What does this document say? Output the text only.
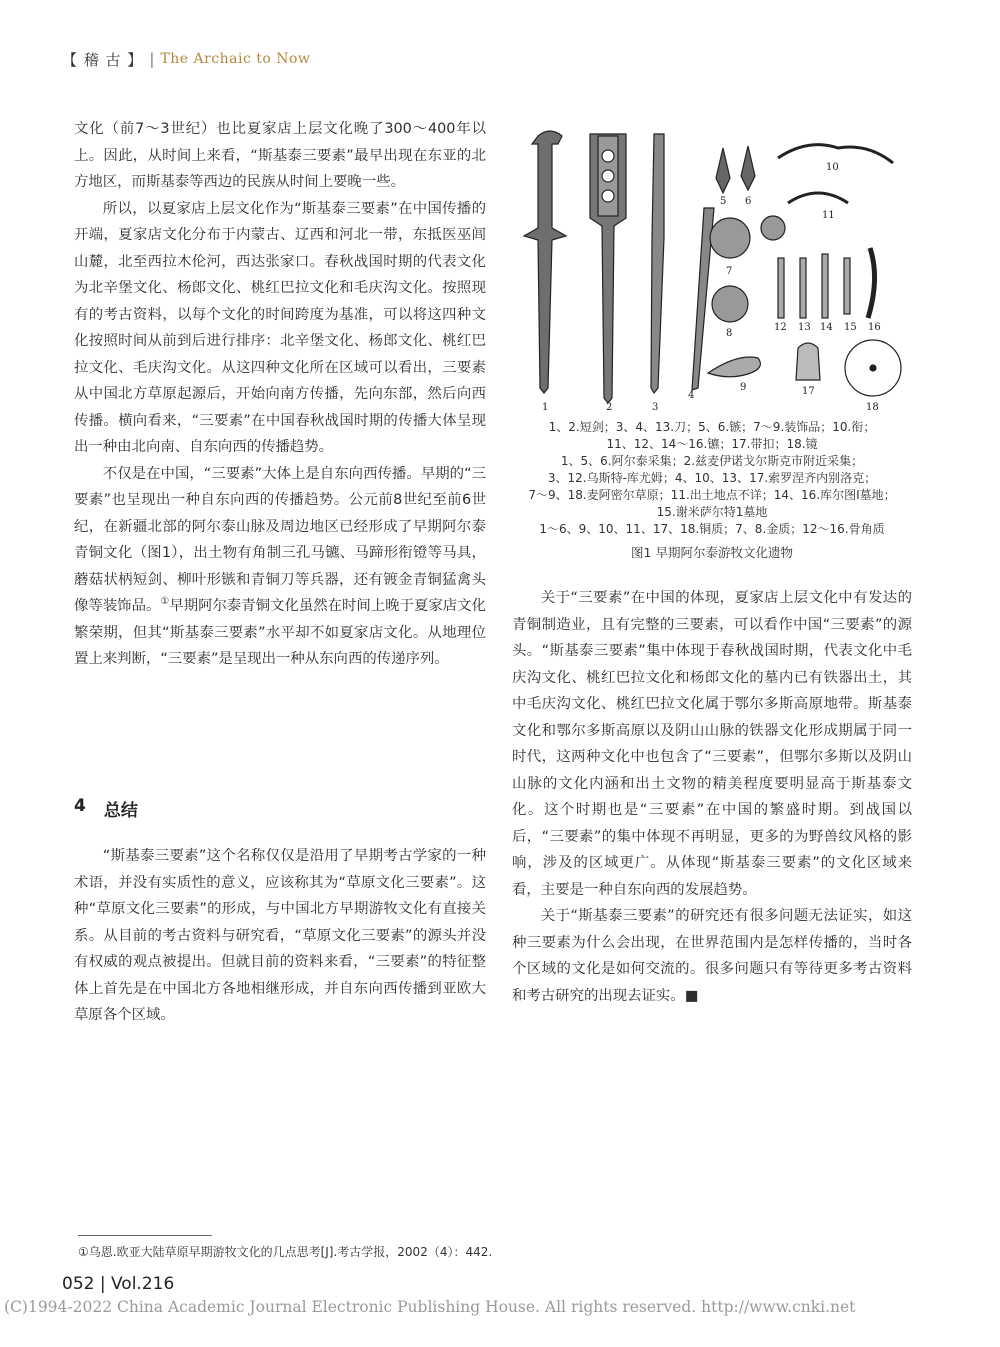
【 稽 古 】 | The Archaic to Now

文化（前7～3世纪）也比夏家店上层文化晚了300～400年以上。因此，从时间上来看，“斯基泰三要素”最早出现在东亚的北方地区，而斯基泰等西边的民族从时间上要晚一些。

所以，以夏家店上层文化作为“斯基泰三要素”在中国传播的开端，夏家店文化分布于内蒙古、辽西和河北一带，东抵医巫闾山麓，北至西拉木伦河，西达张家口。春秋战国时期的代表文化为北辛堡文化、杨郎文化、桃红巴拉文化和毛庆沟文化。按照现有的考古资料，以每个文化的时间跨度为基准，可以将这四种文化按照时间从前到后进行排序：北辛堡文化、杨郎文化、桃红巴拉文化、毛庆沟文化。从这四种文化所在区域可以看出，三要素从中国北方草原起源后，开始向南方传播，先向东部，然后向西传播。横向看来，“三要素”在中国春秋战国时期的传播大体呈现出一种由北向南、自东向西的传播趋势。

不仅是在中国，“三要素”大体上是自东向西传播。早期的“三要素”也呈现出一种自东向西的传播趋势。公元前8世纪至前6世纪，在新疆北部的阿尔泰山脉及周边地区已经形成了早期阿尔泰青铜文化（图1），出土物有角制三孔马镳、马蹄形衔镫等马具，蘑菇状柄短剑、柳叶形镞和青铜刀等兵器，还有镀金青铜猛禽头像等装饰品。①早期阿尔泰青铜文化虽然在时间上晚于夏家店文化繁荣期，但其“斯基泰三要素”水平却不如夏家店文化。从地理位置上来判断，“三要素”是呈现出一种从东向西的传递序列。

4 总结

“斯基泰三要素”这个名称仅仅是沿用了早期考古学家的一种术语，并没有实质性的意义，应该称其为“草原文化三要素”。这种“草原文化三要素”的形成，与中国北方早期游牧文化有直接关系。从目前的考古资料与研究看，“草原文化三要素”的源头并没有权威的观点被提出。但就目前的资料来看，“三要素”的特征整体上首先是在中国北方各地相继形成，并自东向西传播到亚欧大草原各个区域。

1	2	3
4
5 6
7
8
9
10
11
12 13 14 15 16
17
18
1、2.短剑；3、4、13.刀；5、6.镞；7～9.装饰品；10.衔；
11、12、14～16.镳；17.带扣；18.镜
1、5、6.阿尔泰采集；2.兹麦伊诺戈尔斯克市附近采集；
3、12.乌斯特-库尤姆；4、10、13、17.索罗涅齐内别洛克；
7～9、18.麦阿密尔草原；11.出土地点不详；14、16.库尔图Ⅰ墓地；
15.谢米萨尔特1墓地
1～6、9、10、11、17、18.铜质；7、8.金质；12～16.骨角质
图1 早期阿尔泰游牧文化遗物

关于“三要素”在中国的体现，夏家店上层文化中有发达的青铜制造业，且有完整的三要素，可以看作中国“三要素”的源头。“斯基泰三要素”集中体现于春秋战国时期，代表文化中毛庆沟文化、桃红巴拉文化和杨郎文化的墓内已有铁器出土，其中毛庆沟文化、桃红巴拉文化属于鄂尔多斯高原地带。斯基泰文化和鄂尔多斯高原以及阴山山脉的铁器文化形成期属于同一时代，这两种文化中也包含了“三要素”，但鄂尔多斯以及阴山山脉的文化内涵和出土文物的精美程度要明显高于斯基泰文化。这个时期也是“三要素”在中国的繁盛时期。到战国以后，“三要素”的集中体现不再明显，更多的为野兽纹风格的影响，涉及的区域更广。从体现“斯基泰三要素”的文化区域来看，主要是一种自东向西的发展趋势。

关于“斯基泰三要素”的研究还有很多问题无法证实，如这种三要素为什么会出现，在世界范围内是怎样传播的，当时各个区域的文化是如何交流的。很多问题只有等待更多考古资料和考古研究的出现去证实。■

①乌恩.欧亚大陆草原早期游牧文化的几点思考[J].考古学报，2002（4）：442.
052 | Vol.216
(C)1994-2022 China Academic Journal Electronic Publishing House. All rights reserved. http://www.cnki.net
